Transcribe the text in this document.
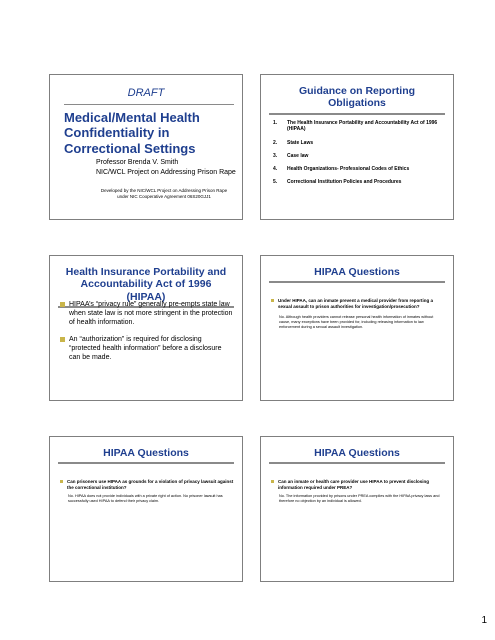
DRAFT
Medical/Mental Health
Confidentiality in
Correctional Settings
Professor Brenda V. Smith
NIC/WCL Project on Addressing Prison Rape
Developed by the NIC/WCL Project on Addressing Prison Rape under NIC Cooperative Agreement 06S20GJJ1
Guidance on Reporting
Obligations
1.	The Health Insurance Portability and Accountability Act of 1996 (HIPAA)
2.	State Laws
3.	Case law
4.	Health Organizations- Professional Codes of Ethics
5.	Correctional Institution Policies and Procedures
Health Insurance Portability and
Accountability Act of 1996 (HIPAA)
HIPAA’s “privacy rule” generally pre-empts state law when state law is not more stringent in the protection of health information.
An “authorization” is required for disclosing “protected health information” before a disclosure can be made.
HIPAA Questions
Under HIPAA, can an inmate prevent a medical provider from reporting a sexual assault to prison authorities for investigation/prosecution?
No. Although health providers cannot release personal health information of inmates without cause, many exceptions have been provided for, including releasing information to law enforcement during a sexual assault investigation.
HIPAA Questions
Can prisoners use HIPAA as grounds for a violation of privacy lawsuit against the correctional institution?
No. HIPAA does not provide individuals with a private right of action. No prisoner lawsuit has successfully used HIPAA to defend their privacy claim.
HIPAA Questions
Can an inmate or health care provider use HIPAA to prevent disclosing information required under PREA?
No. The information provided by prisons under PREA complies with the HIPAA privacy laws and therefore no objection by an individual is allowed.
1
